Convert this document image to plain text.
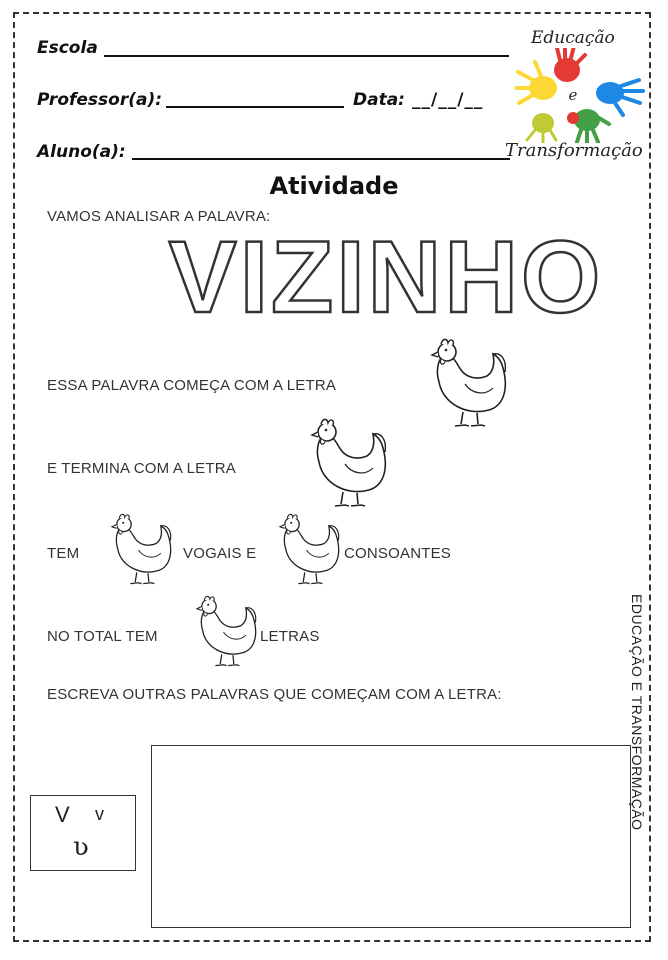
Escola
Professor(a):	Data: __/__/__
Aluno(a):
Educação
e
Transformação
Atividade
VAMOS ANALISAR A PALAVRA:
VIZINHO
ESSA PALAVRA COMEÇA COM A LETRA
E TERMINA COM A LETRA
TEM	VOGAIS E	CONSOANTES
NO TOTAL TEM	LETRAS
ESCREVA OUTRAS PALAVRAS QUE COMEÇAM COM A LETRA:
V v
ʋ
EDUCAÇÃO E TRANSFORMAÇÃO
